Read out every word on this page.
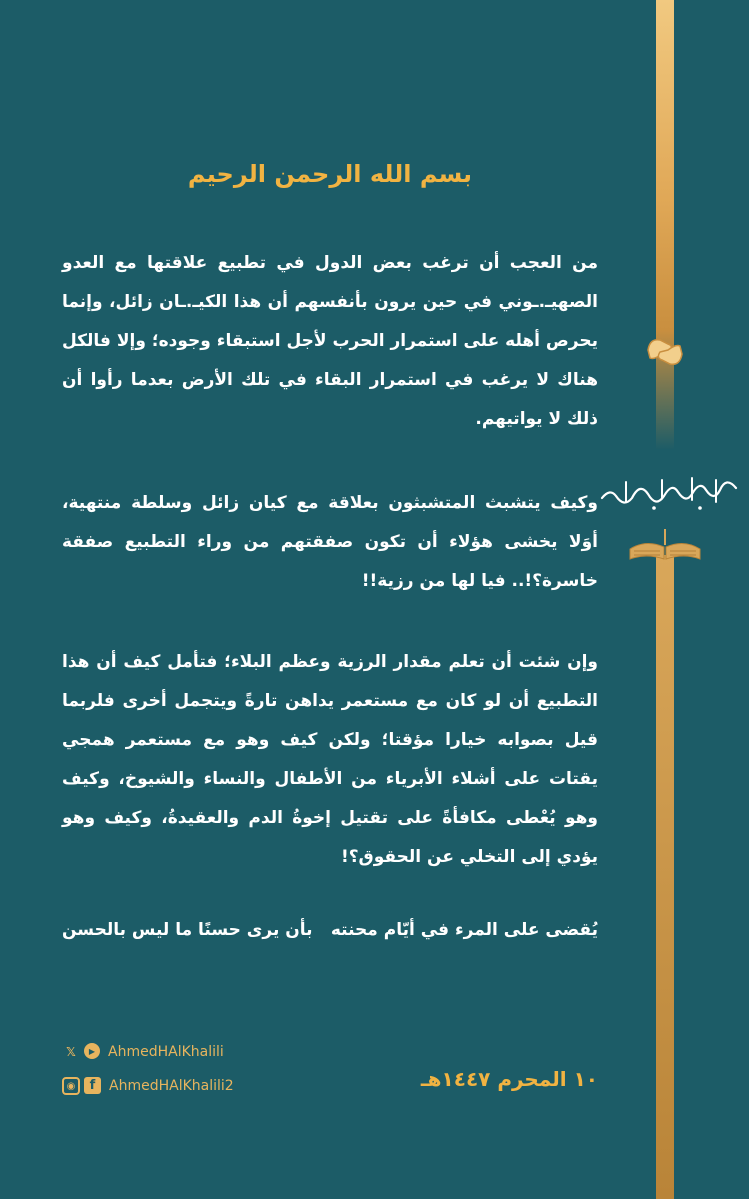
بسم الله الرحمن الرحيم

من العجب أن ترغب بعض الدول في تطبيع علاقتها مع العدو الصهيـ.ـوني في حين يرون بأنفسهم أن هذا الكيـ.ـان زائل، وإنما يحرص أهله على استمرار الحرب لأجل استبقاء وجوده؛ وإلا فالكل هناك لا يرغب في استمرار البقاء في تلك الأرض بعدما رأوا أن ذلك لا يواتيهم.

وكيف يتشبث المتشبثون بعلاقة مع كيان زائل وسلطة منتهية، أوَلا يخشى هؤلاء أن تكون صفقتهم من وراء التطبيع صفقة خاسرة؟!.. فيا لها من رزية!!

وإن شئت أن تعلم مقدار الرزية وعظم البلاء؛ فتأمل كيف أن هذا التطبيع أن لو كان مع مستعمر يداهن تارةً ويتجمل أخرى فلربما قيل بصوابه خيارا مؤقتا؛ ولكن كيف وهو مع مستعمر همجي يقتات على أشلاء الأبرياء من الأطفال والنساء والشيوخ، وكيف وهو يُعْطى مكافأةً على تقتيل إخوةُ الدم والعقيدةُ، وكيف وهو يؤدي إلى التخلي عن الحقوق؟!

يُقضى على المرء في أيّام محنته
بأن يرى حسنًا ما ليس بالحسن
𝕏	▶ AhmedHAlKhalili
◉	f AhmedHAlKhalili2	١٠ المحرم ١٤٤٧هـ
